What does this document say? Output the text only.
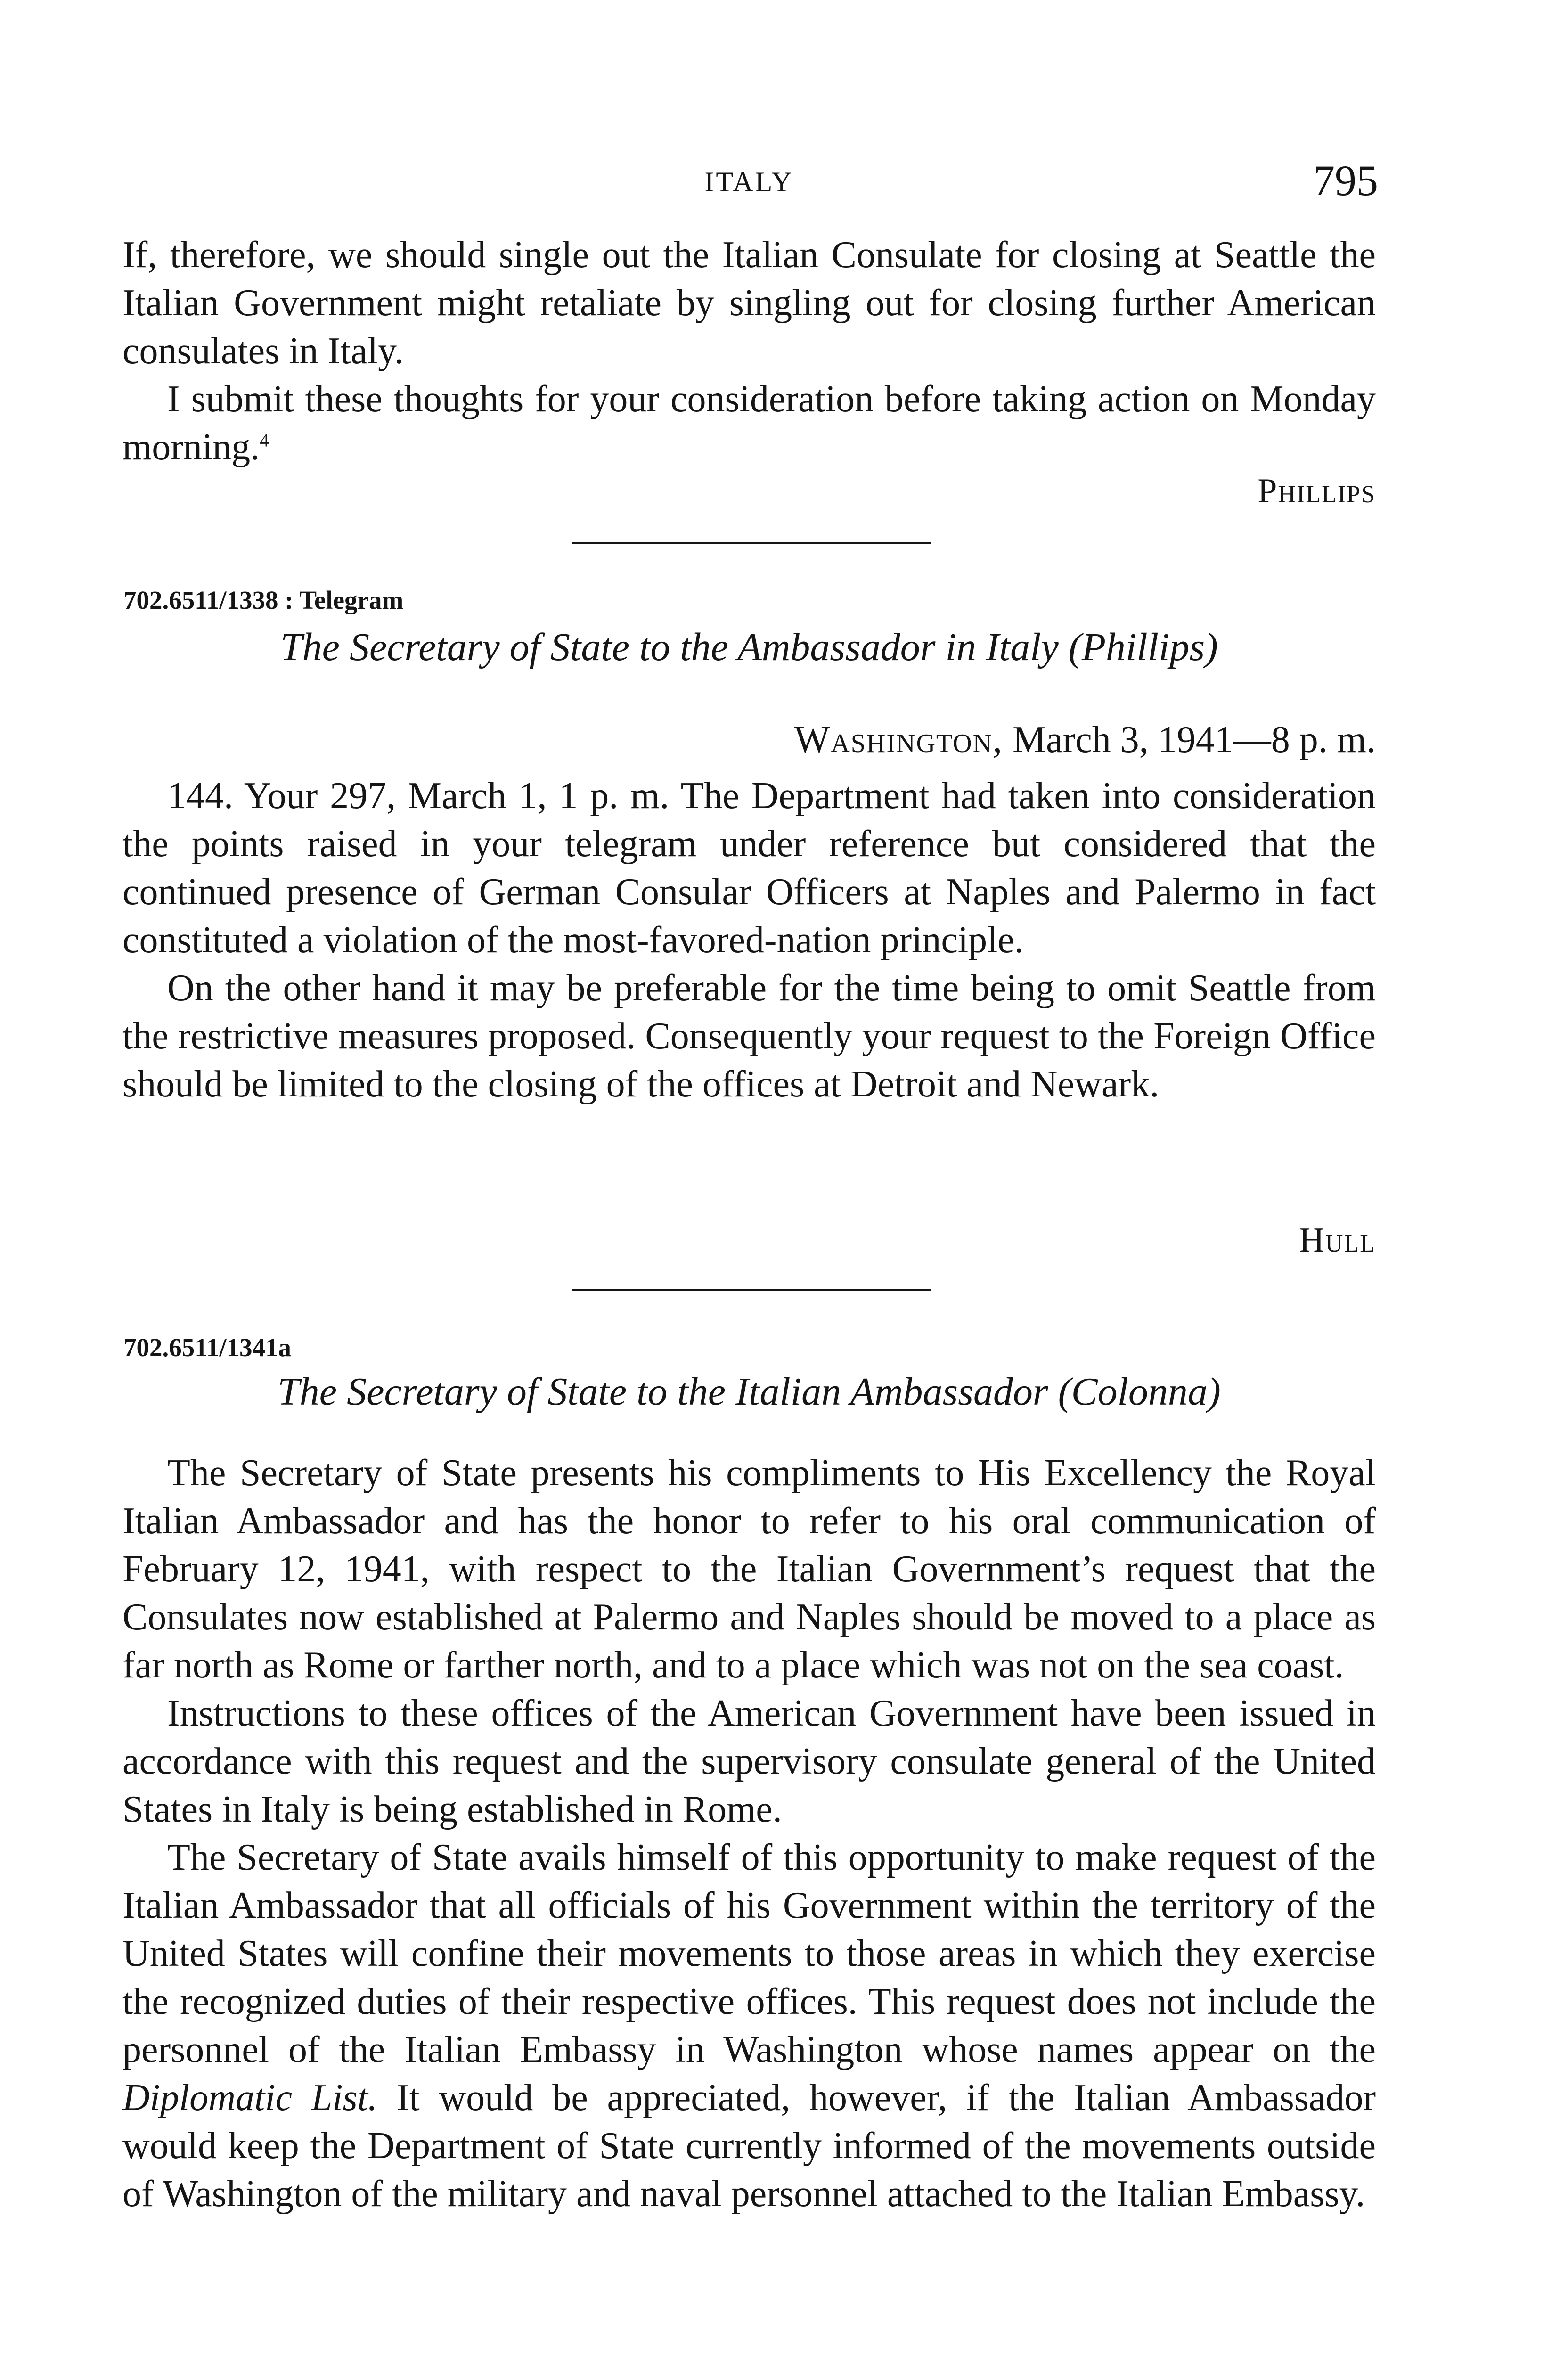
ITALY	795

If, therefore, we should single out the Italian Consulate for closing at Seattle the Italian Government might retaliate by singling out for closing further American consulates in Italy.

I submit these thoughts for your consideration before taking action on Monday morning.$^4$

Phillips
702.6511/1338 : Telegram
The Secretary of State to the Ambassador in Italy (Phillips)
Washington, March 3, 1941—8 p. m.

144. Your 297, March 1, 1 p. m. The Department had taken into consideration the points raised in your telegram under reference but considered that the continued presence of German Consular Officers at Naples and Palermo in fact constituted a violation of the most-favored-nation principle.

On the other hand it may be preferable for the time being to omit Seattle from the restrictive measures proposed. Consequently your request to the Foreign Office should be limited to the closing of the offices at Detroit and Newark.

Hull
702.6511/1341a
The Secretary of State to the Italian Ambassador (Colonna)

The Secretary of State presents his compliments to His Excellency the Royal Italian Ambassador and has the honor to refer to his oral communication of February 12, 1941, with respect to the Italian Government’s request that the Consulates now established at Palermo and Naples should be moved to a place as far north as Rome or farther north, and to a place which was not on the sea coast.

Instructions to these offices of the American Government have been issued in accordance with this request and the supervisory consulate general of the United States in Italy is being established in Rome.

The Secretary of State avails himself of this opportunity to make request of the Italian Ambassador that all officials of his Government within the territory of the United States will confine their movements to those areas in which they exercise the recognized duties of their respective offices. This request does not include the personnel of the Italian Embassy in Washington whose names appear on the Diplomatic List. It would be appreciated, however, if the Italian Ambassador would keep the Department of State currently informed of the movements outside of Washington of the military and naval personnel attached to the Italian Embassy.
